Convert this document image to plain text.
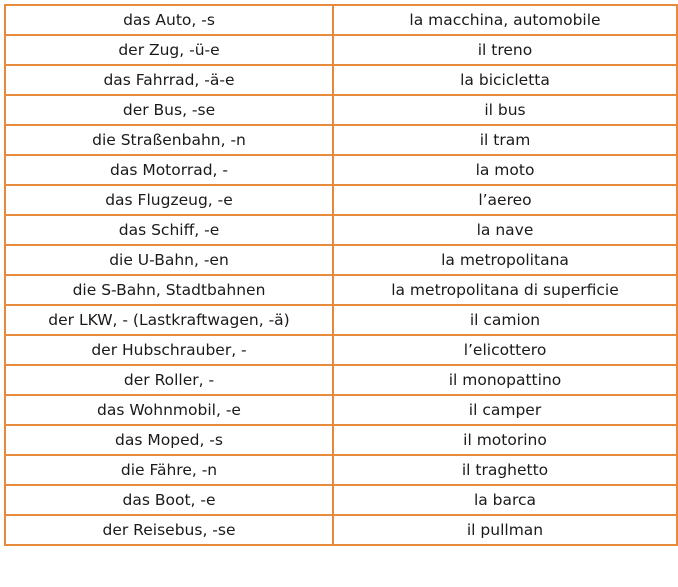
das Auto, -s	la macchina, automobile
der Zug, -ü-e	il treno
das Fahrrad, -ä-e	la bicicletta
der Bus, -se	il bus
die Straßenbahn, -n	il tram
das Motorrad, -	la moto
das Flugzeug, -e	l’aereo
das Schiff, -e	la nave
die U-Bahn, -en	la metropolitana
die S-Bahn, Stadtbahnen	la metropolitana di superficie
der LKW, - (Lastkraftwagen, -ä)	il camion
der Hubschrauber, -	l’elicottero
der Roller, -	il monopattino
das Wohnmobil, -e	il camper
das Moped, -s	il motorino
die Fähre, -n	il traghetto
das Boot, -e	la barca
der Reisebus, -se	il pullman
